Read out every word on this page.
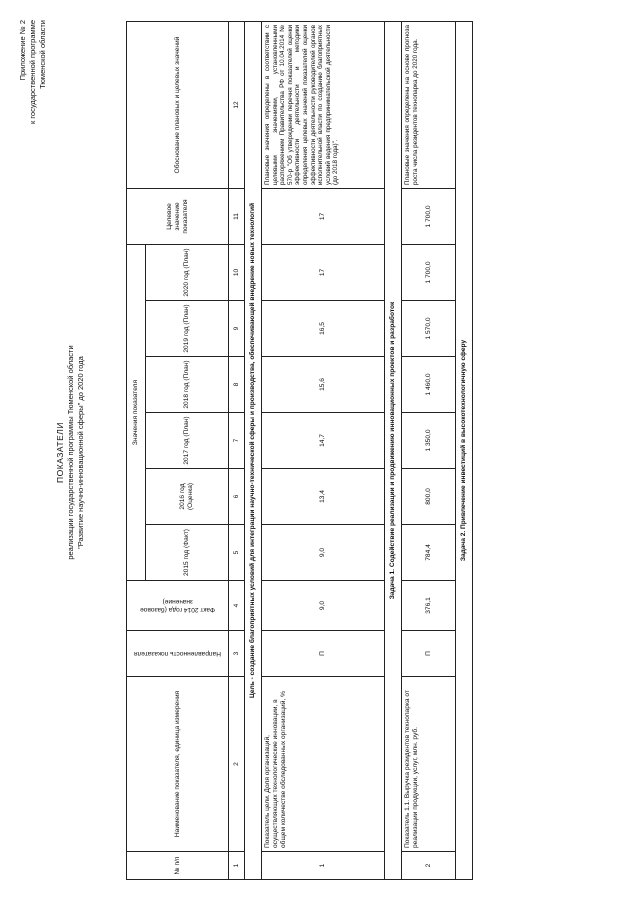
Приложение № 2 к государственной программе Тюменской области
ПОКАЗАТЕЛИ реализации государственной программы Тюменской области "Развитие научно-инновационной сферы" до 2020 года
№ п/п	Наименование показателя, единица измерения	Направленность показателя	Факт 2014 года (базовое значение)	Значения показателя						Целевое значение показателя	Обоснование плановых и целевых значений
				2015 год (Факт)	2016 год (Оценка)	2017 год (План)	2018 год (План)	2019 год (План)	2020 год (План)		
1	2	3	4	5	6	7	8	9	10	11	12
Цель - создание благоприятных условий для интеграции научно-технической сферы и производства, обеспечивающей внедрение новых технологий											
1	Показатель цели. Доля организаций, осуществляющих технологические инновации, в общем количестве обследованных организаций, %	П	9,0	9,0	13,4	14,7	15,6	16,5	17	17	Плановые значения определены в соответствии с целевыми значениями, установленными распоряжением Правительства РФ от 10.04.2014 № 570-р "Об утверждении перечня показателей оценки эффективности деятельности и методики определения целевых значений показателей оценки эффективности деятельности руководителей органов исполнительной власти по созданию благоприятных условий ведения предпринимательской деятельности (до 2018 года)".
Задача 1. Содействие реализации и продвижению инновационных проектов и разработок											
2	Показатель 1.1. Выручка резидентов технопарка от реализации продукции, услуг, млн. руб.	П	376,1	784,4	800,0	1 350,0	1 460,0	1 570,0	1 700,0	1 700,0	Плановые значения определены на основе прогноза роста числа резидентов технопарка до 2020 года.
Задача 2. Привлечение инвестиций в высокотехнологичную сферу											
